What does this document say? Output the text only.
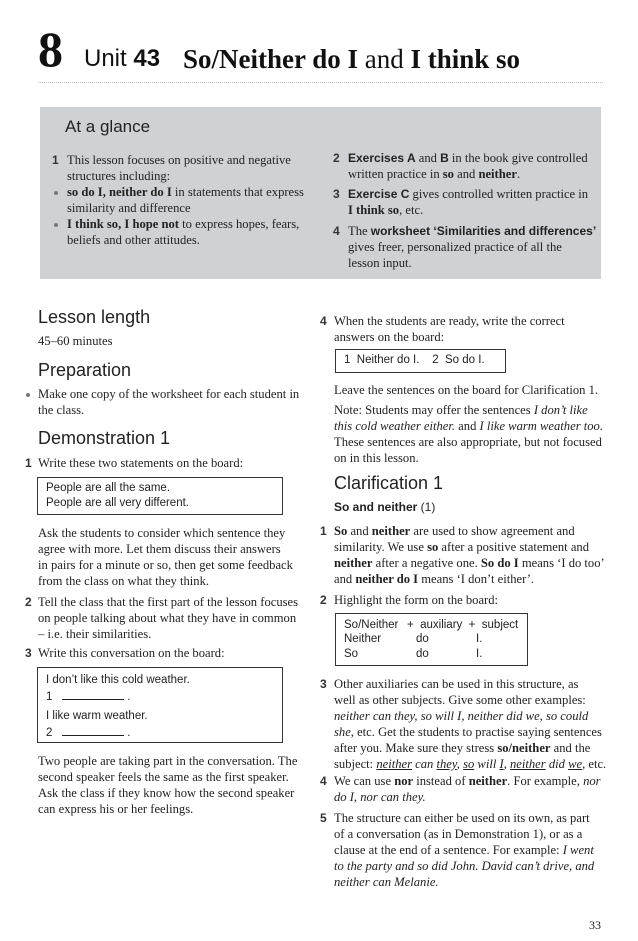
8 Unit 43 So/Neither do I and I think so
At a glance
1 This lesson focuses on positive and negative
structures including:
so do I, neither do I in statements that express
similarity and difference
I think so, I hope not to express hopes, fears,
beliefs and other attitudes.
2 Exercises A and B in the book give controlled
written practice in so and neither.
3 Exercise C gives controlled written practice in
I think so, etc.
4 The worksheet ‘Similarities and differences’
gives freer, personalized practice of all the
lesson input.
Lesson length
45–60 minutes
Preparation
Make one copy of the worksheet for each student in
the class.
Demonstration 1
1 Write these two statements on the board:
People are all the same.
People are all very different.
Ask the students to consider which sentence they
agree with more. Let them discuss their answers
in pairs for a minute or so, then get some feedback
from the class on what they think.
2 Tell the class that the first part of the lesson focuses
on people talking about what they have in common
– i.e. their similarities.
3 Write this conversation on the board:
I don’t like this cold weather.
1	.
I like warm weather.
2	.
Two people are taking part in the conversation. The
second speaker feels the same as the first speaker.
Ask the class if they know how the second speaker
can express his or her feelings.
4 When the students are ready, write the correct
answers on the board:
1  Neither do I.    2  So do I.
Leave the sentences on the board for Clarification 1.
Note: Students may offer the sentences I don’t like
this cold weather either. and I like warm weather too.
These sentences are also appropriate, but not focused
on in this lesson.
Clarification 1
So and neither (1)
1 So and neither are used to show agreement and
similarity. We use so after a positive statement and
neither after a negative one. So do I means ‘I do too’
and neither do I means ‘I don’t either’.
2 Highlight the form on the board:
So/Neither +  auxiliary  +  subject
Neither	do	I.
So	do	I.
3 Other auxiliaries can be used in this structure, as
well as other subjects. Give some other examples:
neither can they, so will I, neither did we, so could
she, etc. Get the students to practise saying sentences
after you. Make sure they stress so/neither and the
subject: neither can they, so will I, neither did we, etc.
4 We can use nor instead of neither. For example, nor
do I, nor can they.
5 The structure can either be used on its own, as part
of a conversation (as in Demonstration 1), or as a
clause at the end of a sentence. For example: I went
to the party and so did John. David can’t drive, and
neither can Melanie.
33
